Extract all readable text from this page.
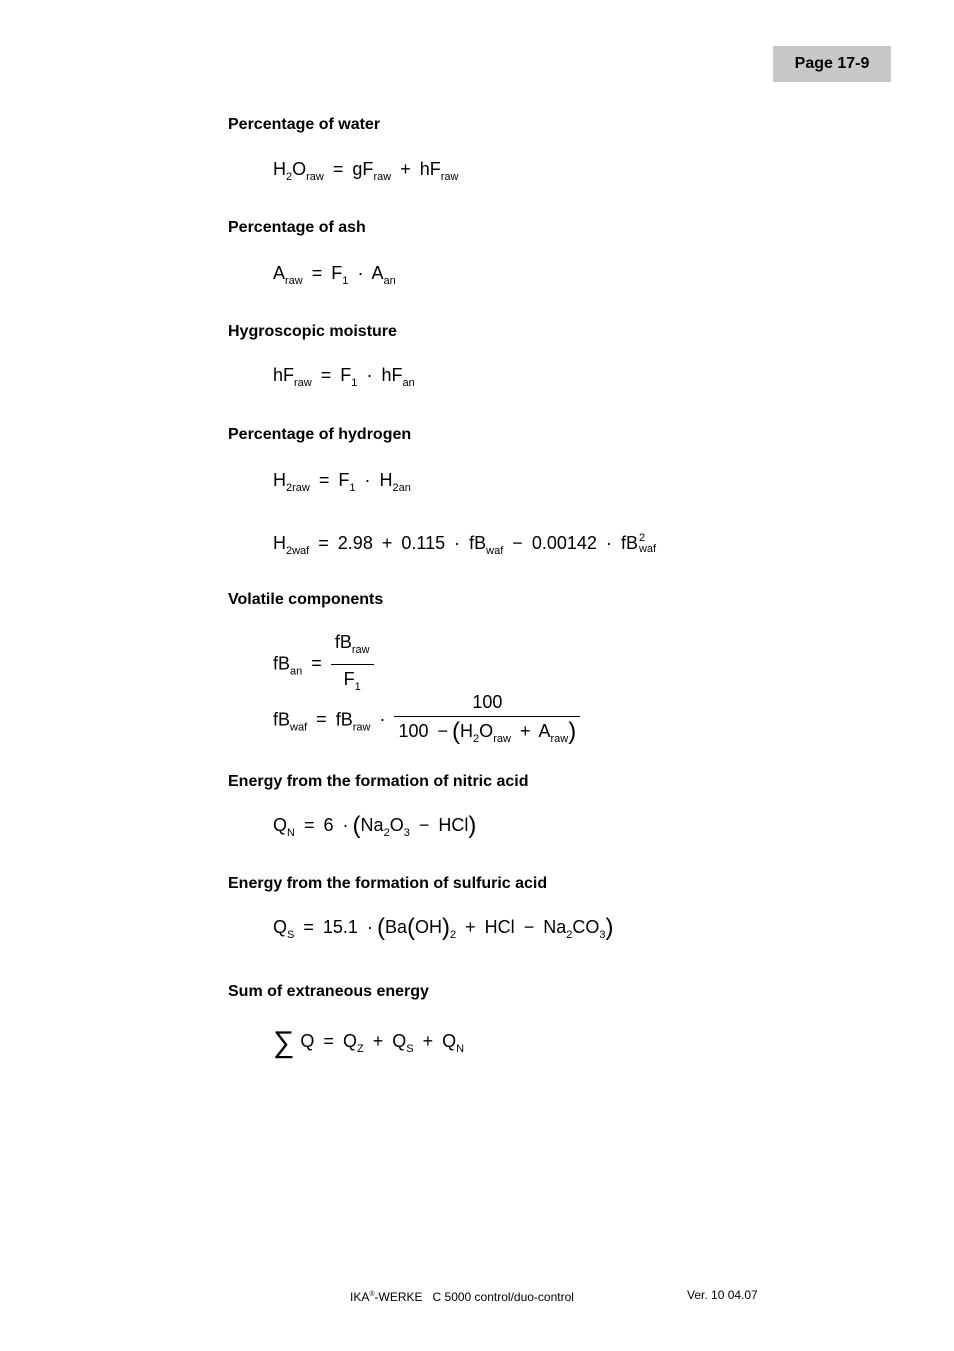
Page 17-9
Percentage of water
$H_2O_{raw} = gF_{raw} + hF_{raw}$
Percentage of ash
$A_{raw} = F_1 \cdot A_{an}$
Hygroscopic moisture
$hF_{raw} = F_1 \cdot hF_{an}$
Percentage of hydrogen
$H_{2raw} = F_1 \cdot H_{2an}$
$H_{2waf} = 2.98 + 0.115 \cdot fB_{waf} - 0.00142$ · fB 2
waf
Volatile components
$fB_{an} = \frac{fB_{raw}}{F_1}$
$fB_{waf} = fB_{raw} \cdot \frac{100}{100 - (H_2O_{raw} + A_{raw})}$
Energy from the formation of nitric acid
$Q_N = 6 \cdot (Na_2O_3 - HCl)$
Energy from the formation of sulfuric acid
$Q_S = 15.1 \cdot (Ba(OH)_2$ + HCl − $Na_2CO_3$)
Sum of extraneous energy
∑ $Q = Q_Z + Q_S + Q_N$
IKA®-WERKE C 5000 control/duo-control	Ver. 10 04.07
